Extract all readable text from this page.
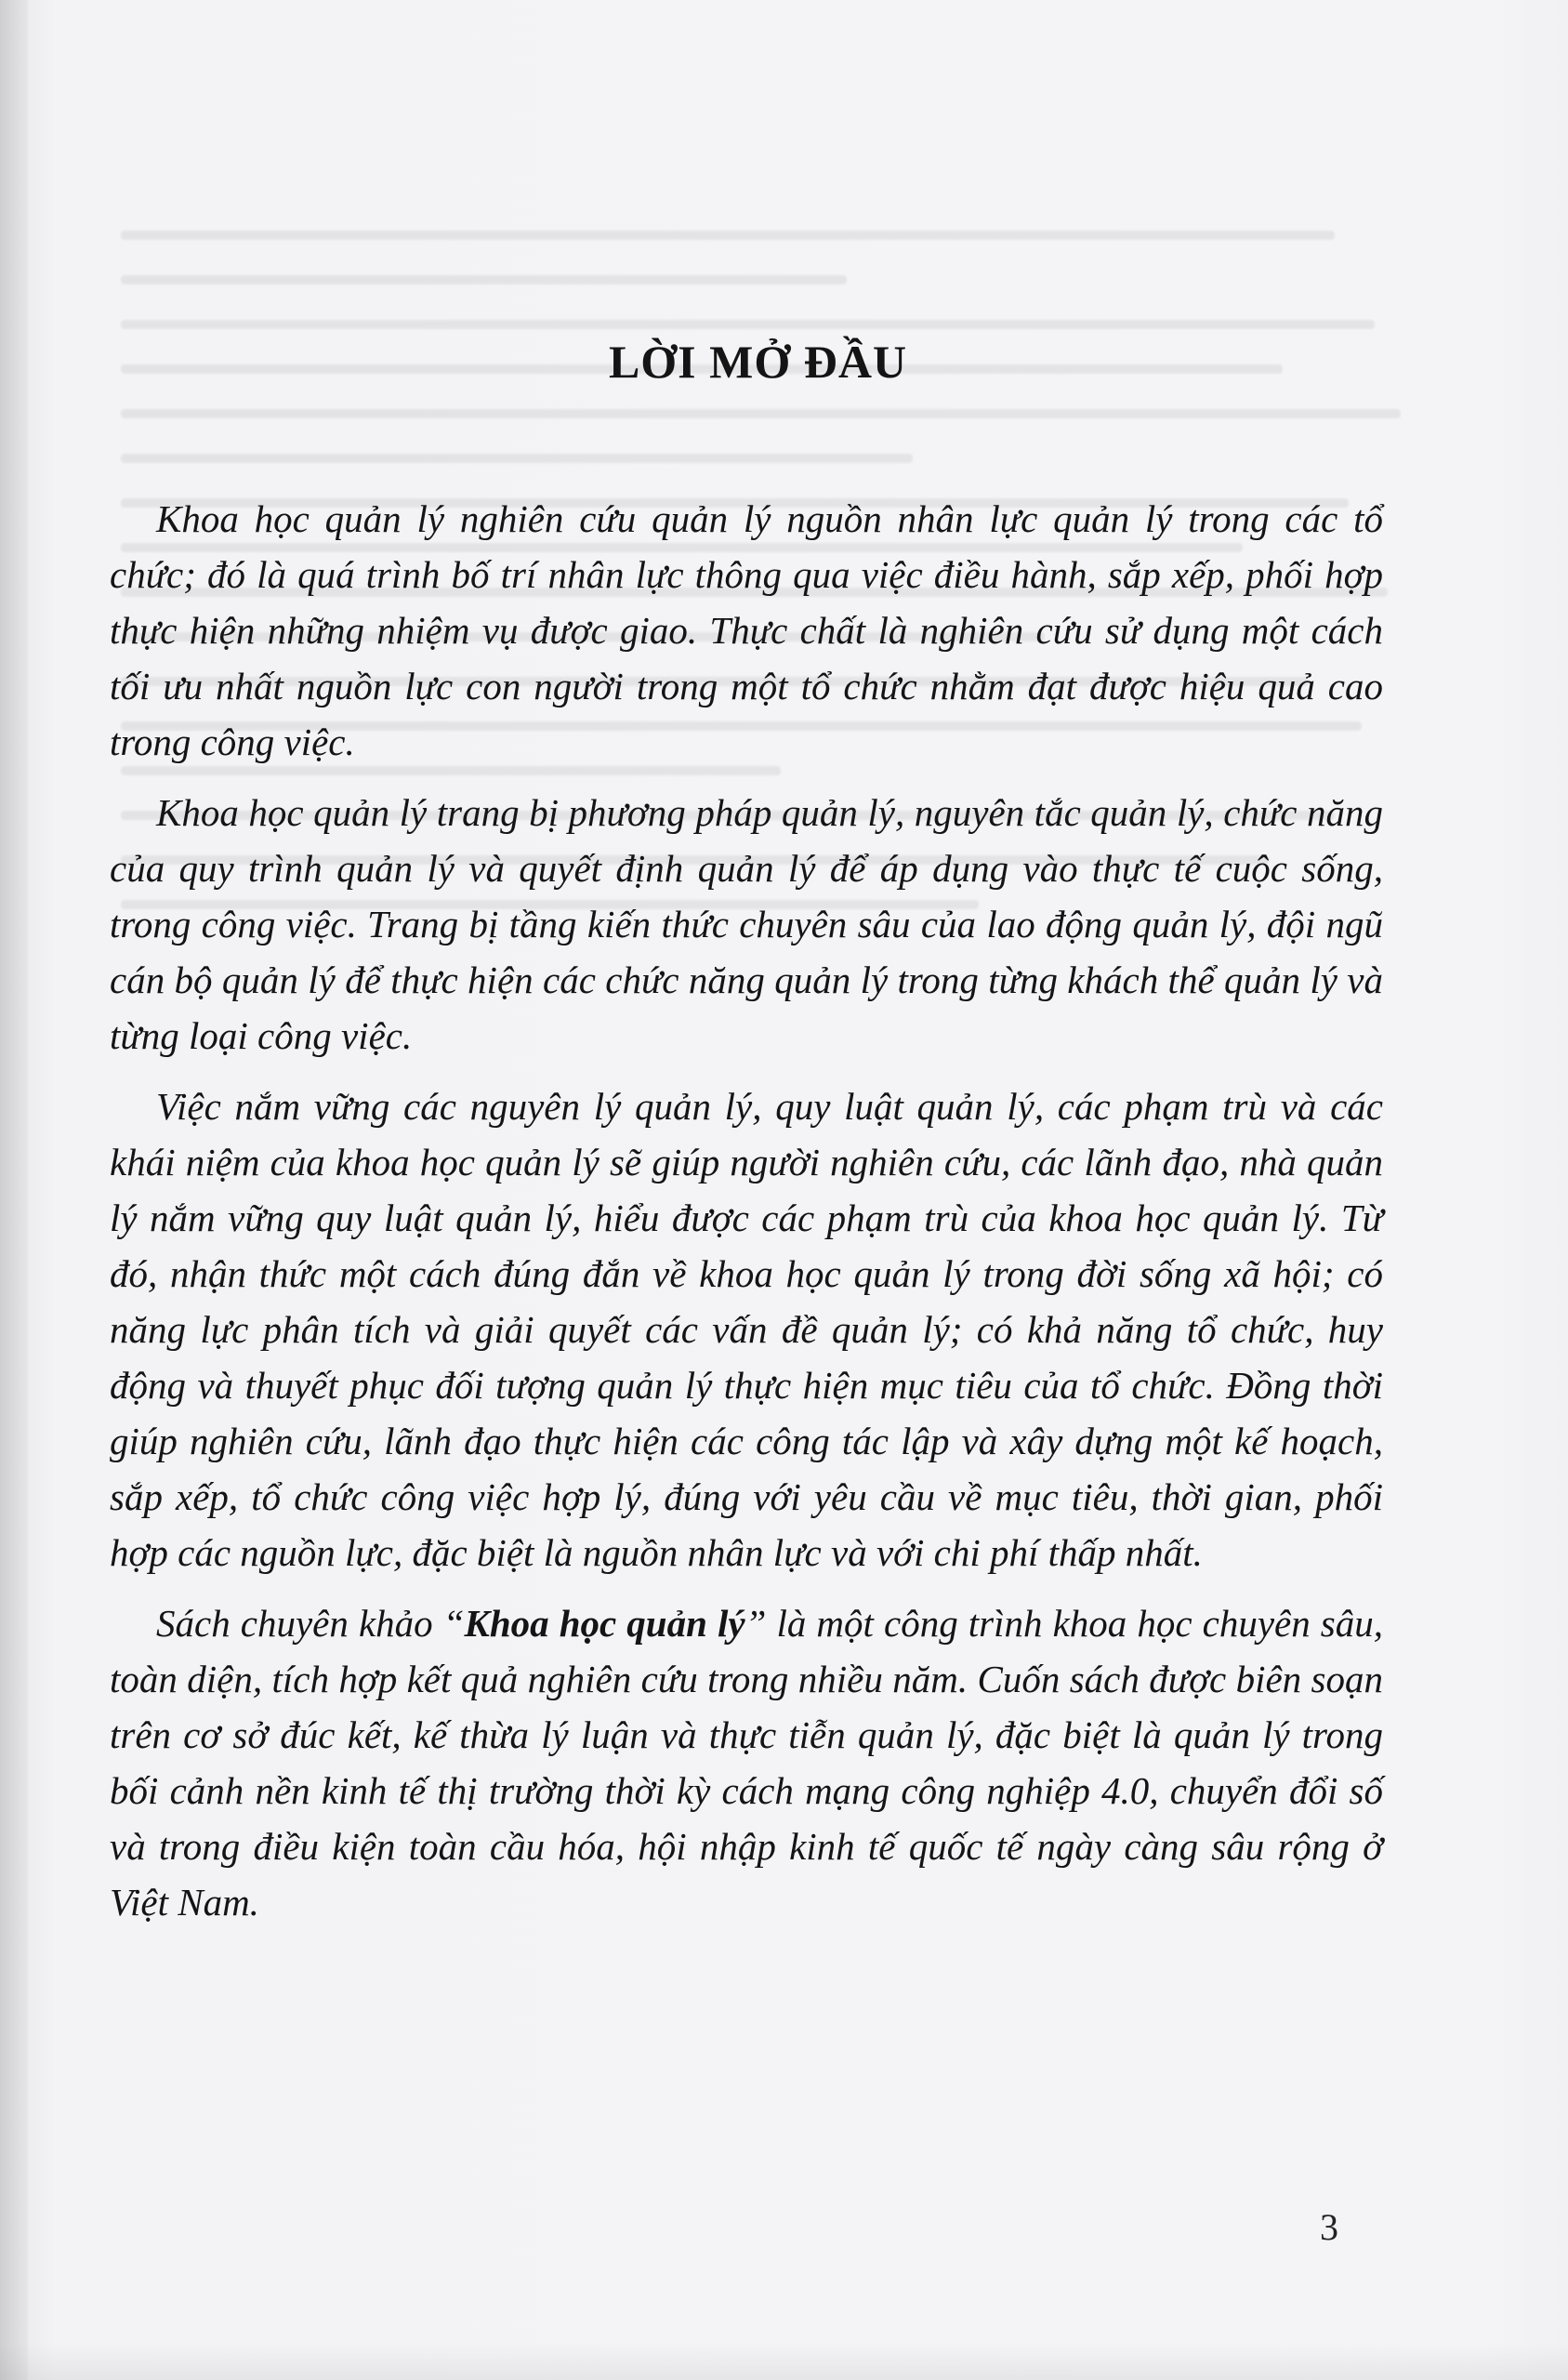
LỜI MỞ ĐẦU

Khoa học quản lý nghiên cứu quản lý nguồn nhân lực quản lý trong các tổ chức; đó là quá trình bố trí nhân lực thông qua việc điều hành, sắp xếp, phối hợp thực hiện những nhiệm vụ được giao. Thực chất là nghiên cứu sử dụng một cách tối ưu nhất nguồn lực con người trong một tổ chức nhằm đạt được hiệu quả cao trong công việc.

Khoa học quản lý trang bị phương pháp quản lý, nguyên tắc quản lý, chức năng của quy trình quản lý và quyết định quản lý để áp dụng vào thực tế cuộc sống, trong công việc. Trang bị tầng kiến thức chuyên sâu của lao động quản lý, đội ngũ cán bộ quản lý để thực hiện các chức năng quản lý trong từng khách thể quản lý và từng loại công việc.

Việc nắm vững các nguyên lý quản lý, quy luật quản lý, các phạm trù và các khái niệm của khoa học quản lý sẽ giúp người nghiên cứu, các lãnh đạo, nhà quản lý nắm vững quy luật quản lý, hiểu được các phạm trù của khoa học quản lý. Từ đó, nhận thức một cách đúng đắn về khoa học quản lý trong đời sống xã hội; có năng lực phân tích và giải quyết các vấn đề quản lý; có khả năng tổ chức, huy động và thuyết phục đối tượng quản lý thực hiện mục tiêu của tổ chức. Đồng thời giúp nghiên cứu, lãnh đạo thực hiện các công tác lập và xây dựng một kế hoạch, sắp xếp, tổ chức công việc hợp lý, đúng với yêu cầu về mục tiêu, thời gian, phối hợp các nguồn lực, đặc biệt là nguồn nhân lực và với chi phí thấp nhất.

Sách chuyên khảo “Khoa học quản lý” là một công trình khoa học chuyên sâu, toàn diện, tích hợp kết quả nghiên cứu trong nhiều năm. Cuốn sách được biên soạn trên cơ sở đúc kết, kế thừa lý luận và thực tiễn quản lý, đặc biệt là quản lý trong bối cảnh nền kinh tế thị trường thời kỳ cách mạng công nghiệp 4.0, chuyển đổi số và trong điều kiện toàn cầu hóa, hội nhập kinh tế quốc tế ngày càng sâu rộng ở Việt Nam.

3
